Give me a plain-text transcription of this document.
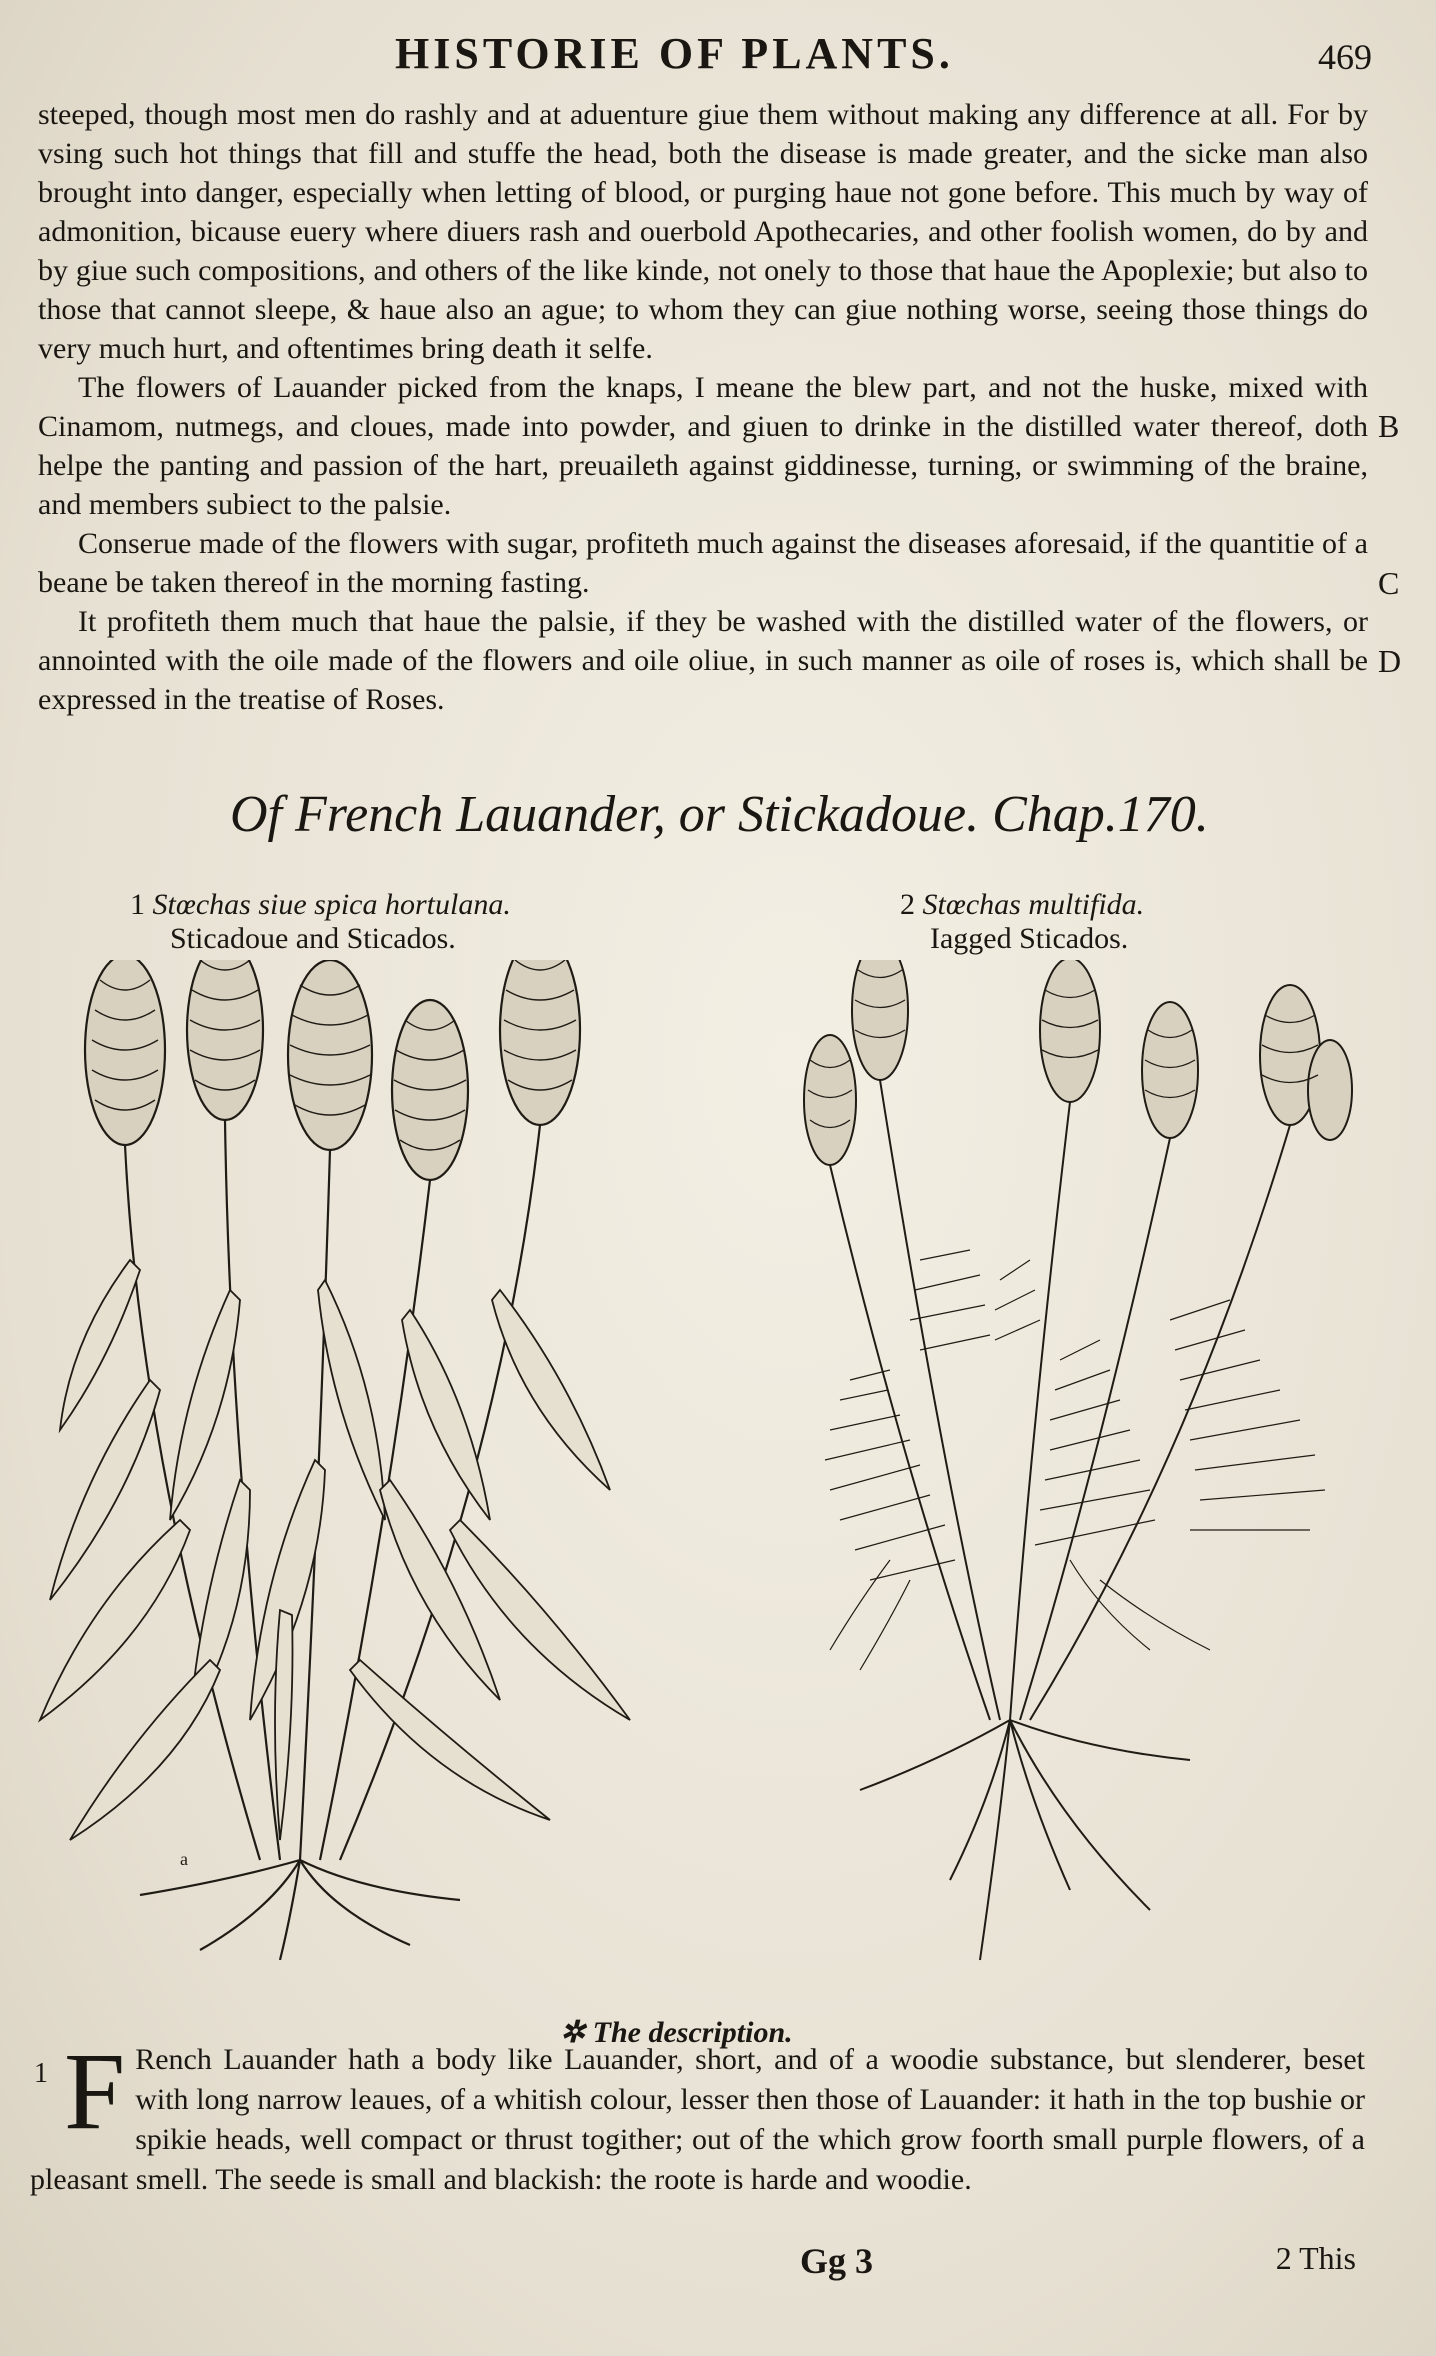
HISTORIE OF PLANTS.	469

steeped, though most men do rashly and at aduenture giue them without making any difference at all. For by vsing such hot things that fill and stuffe the head, both the disease is made greater, and the sicke man also brought into danger, especially when letting of blood, or purging haue not gone before. This much by way of admonition, bicause euery where diuers rash and ouerbold Apothecaries, and other foolish women, do by and by giue such compositions, and others of the like kinde, not onely to those that haue the Apoplexie; but also to those that cannot sleepe, & haue also an ague; to whom they can giue nothing worse, seeing those things do very much hurt, and oftentimes bring death it selfe.

The flowers of Lauander picked from the knaps, I meane the blew part, and not the huske, mixed with Cinamom, nutmegs, and cloues, made into powder, and giuen to drinke in the distilled water thereof, doth helpe the panting and passion of the hart, preuaileth against giddinesse, turning, or swimming of the braine, and members subiect to the palsie.

Conserue made of the flowers with sugar, profiteth much against the diseases aforesaid, if the quantitie of a beane be taken thereof in the morning fasting.

It profiteth them much that haue the palsie, if they be washed with the distilled water of the flowers, or annointed with the oile made of the flowers and oile oliue, in such manner as oile of roses is, which shall be expressed in the treatise of Roses.

B
C
D
Of French Lauander, or Stickadoue. Chap.170.
1 Stœchas siue spica hortulana.
Sticadoue and Sticados.
2 Stœchas multifida.
Iagged Sticados.
a
✲ The description.
1 F Rench Lauander hath a body like Lauander, short, and of a woodie substance, but slenderer, beset with long narrow leaues, of a whitish colour, lesser then those of Lauander: it hath in the top bushie or spikie heads, well compact or thrust togither; out of the which grow foorth small purple flowers, of a pleasant smell. The seede is small and blackish: the roote is harde and woodie.
Gg 3	2 This
